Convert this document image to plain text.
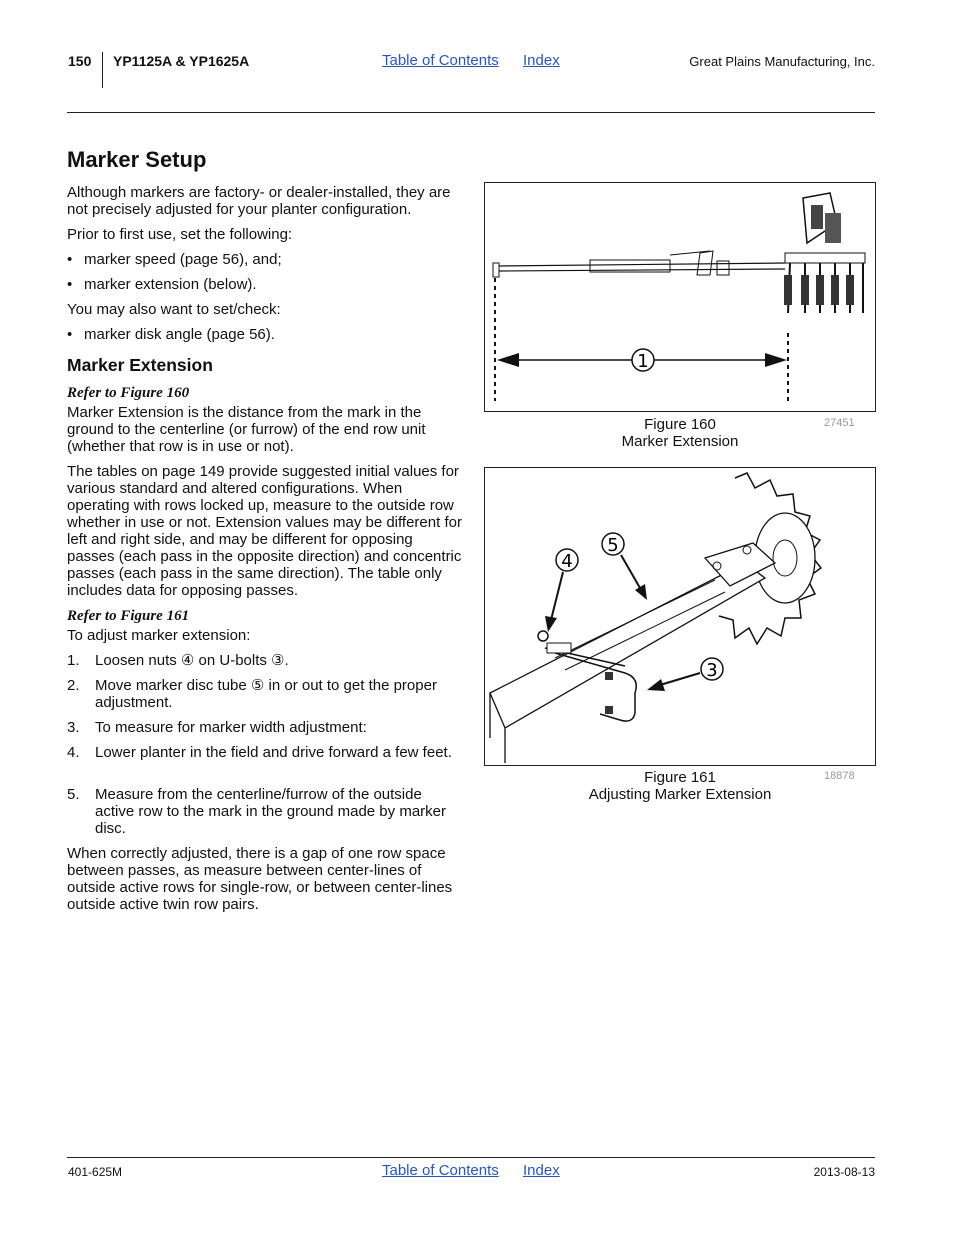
150 YP1125A & YP1625A	Table of Contents Index	Great Plains Manufacturing, Inc.
Marker Setup

Although markers are factory- or dealer-installed, they are not precisely adjusted for your planter configuration.

Prior to first use, set the following:

• marker speed (page 56), and;
• marker extension (below).

You may also want to set/check:

• marker disk angle (page 56).
Marker Extension
Refer to Figure 160

Marker Extension is the distance from the mark in the ground to the centerline (or furrow) of the end row unit (whether that row is in use or not).

The tables on page 149 provide suggested initial values for various standard and altered configurations. When operating with rows locked up, measure to the outside row whether in use or not. Extension values may be different for left and right side, and may be different for opposing passes (each pass in the opposite direction) and concentric passes (each pass in the same direction). The table only includes data for opposing passes.

Refer to Figure 161

To adjust marker extension:

1. Loosen nuts ④ on U-bolts ③.
2. Move marker disc tube ⑤ in or out to get the proper adjustment.
3. To measure for marker width adjustment:
4. Lower planter in the field and drive forward a few feet.
5. Measure from the centerline/furrow of the outside active row to the mark in the ground made by marker disc.

When correctly adjusted, there is a gap of one row space between passes, as measure between center-lines of outside active rows for single-row, or between center-lines outside active twin row pairs.

1
Figure 160
Marker Extension
27451
4
5
3
Figure 161
Adjusting Marker Extension
18878
401-625M	Table of Contents Index	2013-08-13
